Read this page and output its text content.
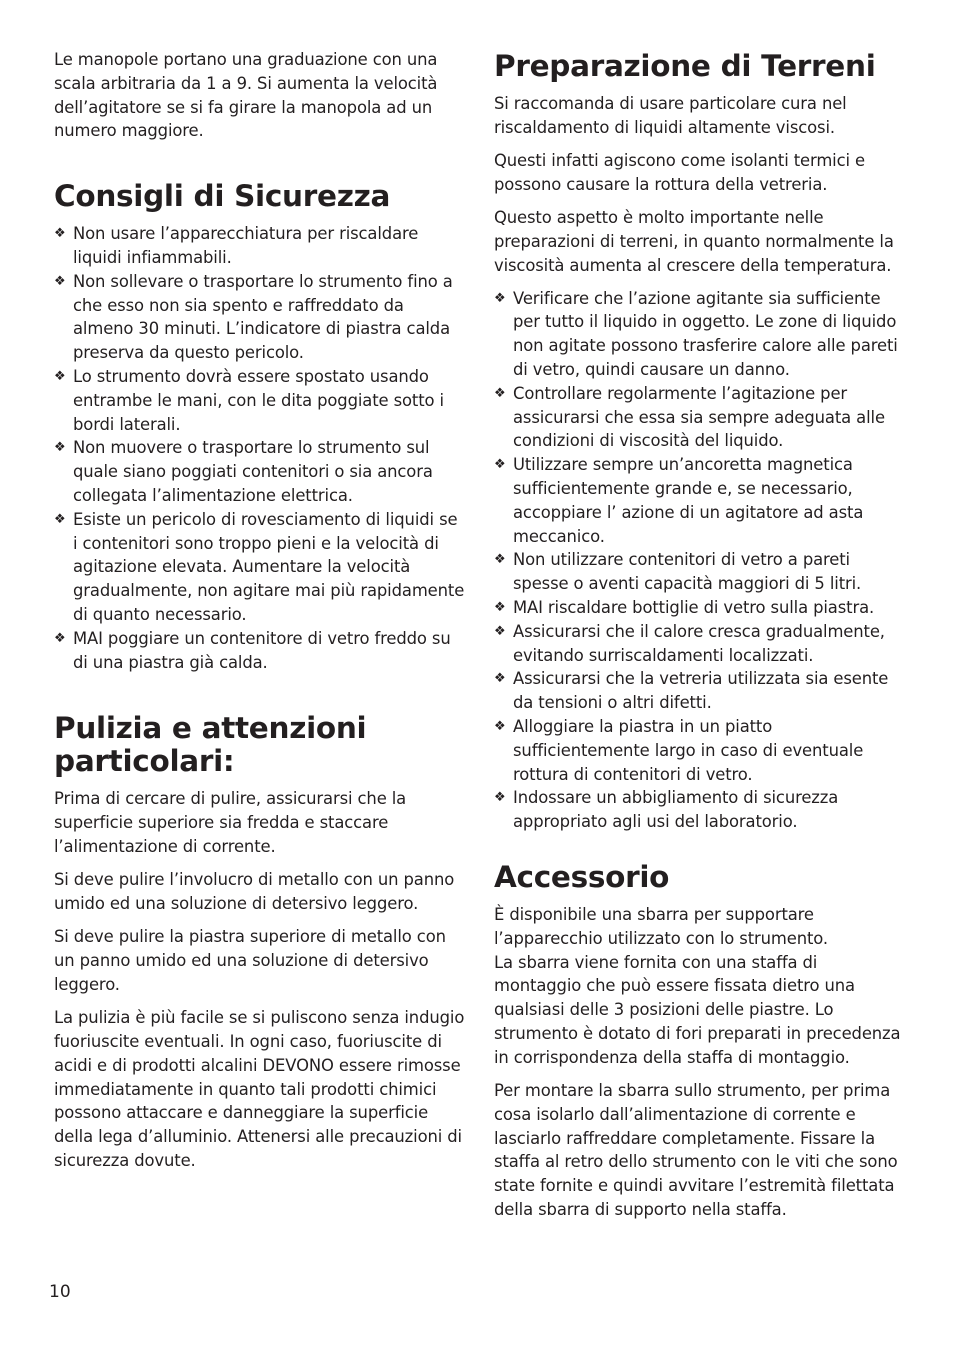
Le manopole portano una graduazione con una scala arbitraria da 1 a 9. Si aumenta la velocità dell’agitatore se si fa girare la manopola ad un numero maggiore.

Consigli di Sicurezza
❖ Non usare l’apparecchiatura per riscaldare liquidi infiammabili.
❖ Non sollevare o trasportare lo strumento fino a che esso non sia spento e raffreddato da almeno 30 minuti. L’indicatore di piastra calda preserva da questo pericolo.
❖ Lo strumento dovrà essere spostato usando entrambe le mani, con le dita poggiate sotto i bordi laterali.
❖ Non muovere o trasportare lo strumento sul quale siano poggiati contenitori o sia ancora collegata l’alimentazione elettrica.
❖ Esiste un pericolo di rovesciamento di liquidi se i contenitori sono troppo pieni e la velocità di agitazione elevata. Aumentare la velocità gradualmente, non agitare mai più rapidamente di quanto necessario.
❖ MAI poggiare un contenitore di vetro freddo su di una piastra già calda.
Pulizia e attenzioni particolari:

Prima di cercare di pulire, assicurarsi che la superficie superiore sia fredda e staccare l’alimentazione di corrente.

Si deve pulire l’involucro di metallo con un panno umido ed una soluzione di detersivo leggero.

Si deve pulire la piastra superiore di metallo con un panno umido ed una soluzione di detersivo leggero.

La pulizia è più facile se si puliscono senza indugio fuoriuscite eventuali. In ogni caso, fuoriuscite di acidi e di prodotti alcalini DEVONO essere rimosse immediatamente in quanto tali prodotti chimici possono attaccare e danneggiare la superficie della lega d’alluminio. Attenersi alle precauzioni di sicurezza dovute.

Preparazione di Terreni

Si raccomanda di usare particolare cura nel riscaldamento di liquidi altamente viscosi.

Questi infatti agiscono come isolanti termici e possono causare la rottura della vetreria.

Questo aspetto è molto importante nelle preparazioni di terreni, in quanto normalmente la viscosità aumenta al crescere della temperatura.

❖ Verificare che l’azione agitante sia sufficiente per tutto il liquido in oggetto. Le zone di liquido non agitate possono trasferire calore alle pareti di vetro, quindi causare un danno.
❖ Controllare regolarmente l’agitazione per assicurarsi che essa sia sempre adeguata alle condizioni di viscosità del liquido.
❖ Utilizzare sempre un’ancoretta magnetica sufficientemente grande e, se necessario, accoppiare l’ azione di un agitatore ad asta meccanico.
❖ Non utilizzare contenitori di vetro a pareti spesse o aventi capacità maggiori di 5 litri.
❖ MAI riscaldare bottiglie di vetro sulla piastra.
❖ Assicurarsi che il calore cresca gradualmente, evitando surriscaldamenti localizzati.
❖ Assicurarsi che la vetreria utilizzata sia esente da tensioni o altri difetti.
❖ Alloggiare la piastra in un piatto sufficientemente largo in caso di eventuale rottura di contenitori di vetro.
❖ Indossare un abbigliamento di sicurezza appropriato agli usi del laboratorio.
Accessorio

È disponibile una sbarra per supportare l’apparecchio utilizzato con lo strumento.
La sbarra viene fornita con una staffa di montaggio che può essere fissata dietro una qualsiasi delle 3 posizioni delle piastre. Lo strumento è dotato di fori preparati in precedenza in corrispondenza della staffa di montaggio.

Per montare la sbarra sullo strumento, per prima cosa isolarlo dall’alimentazione di corrente e lasciarlo raffreddare completamente. Fissare la staffa al retro dello strumento con le viti che sono state fornite e quindi avvitare l’estremità filettata della sbarra di supporto nella staffa.

10
